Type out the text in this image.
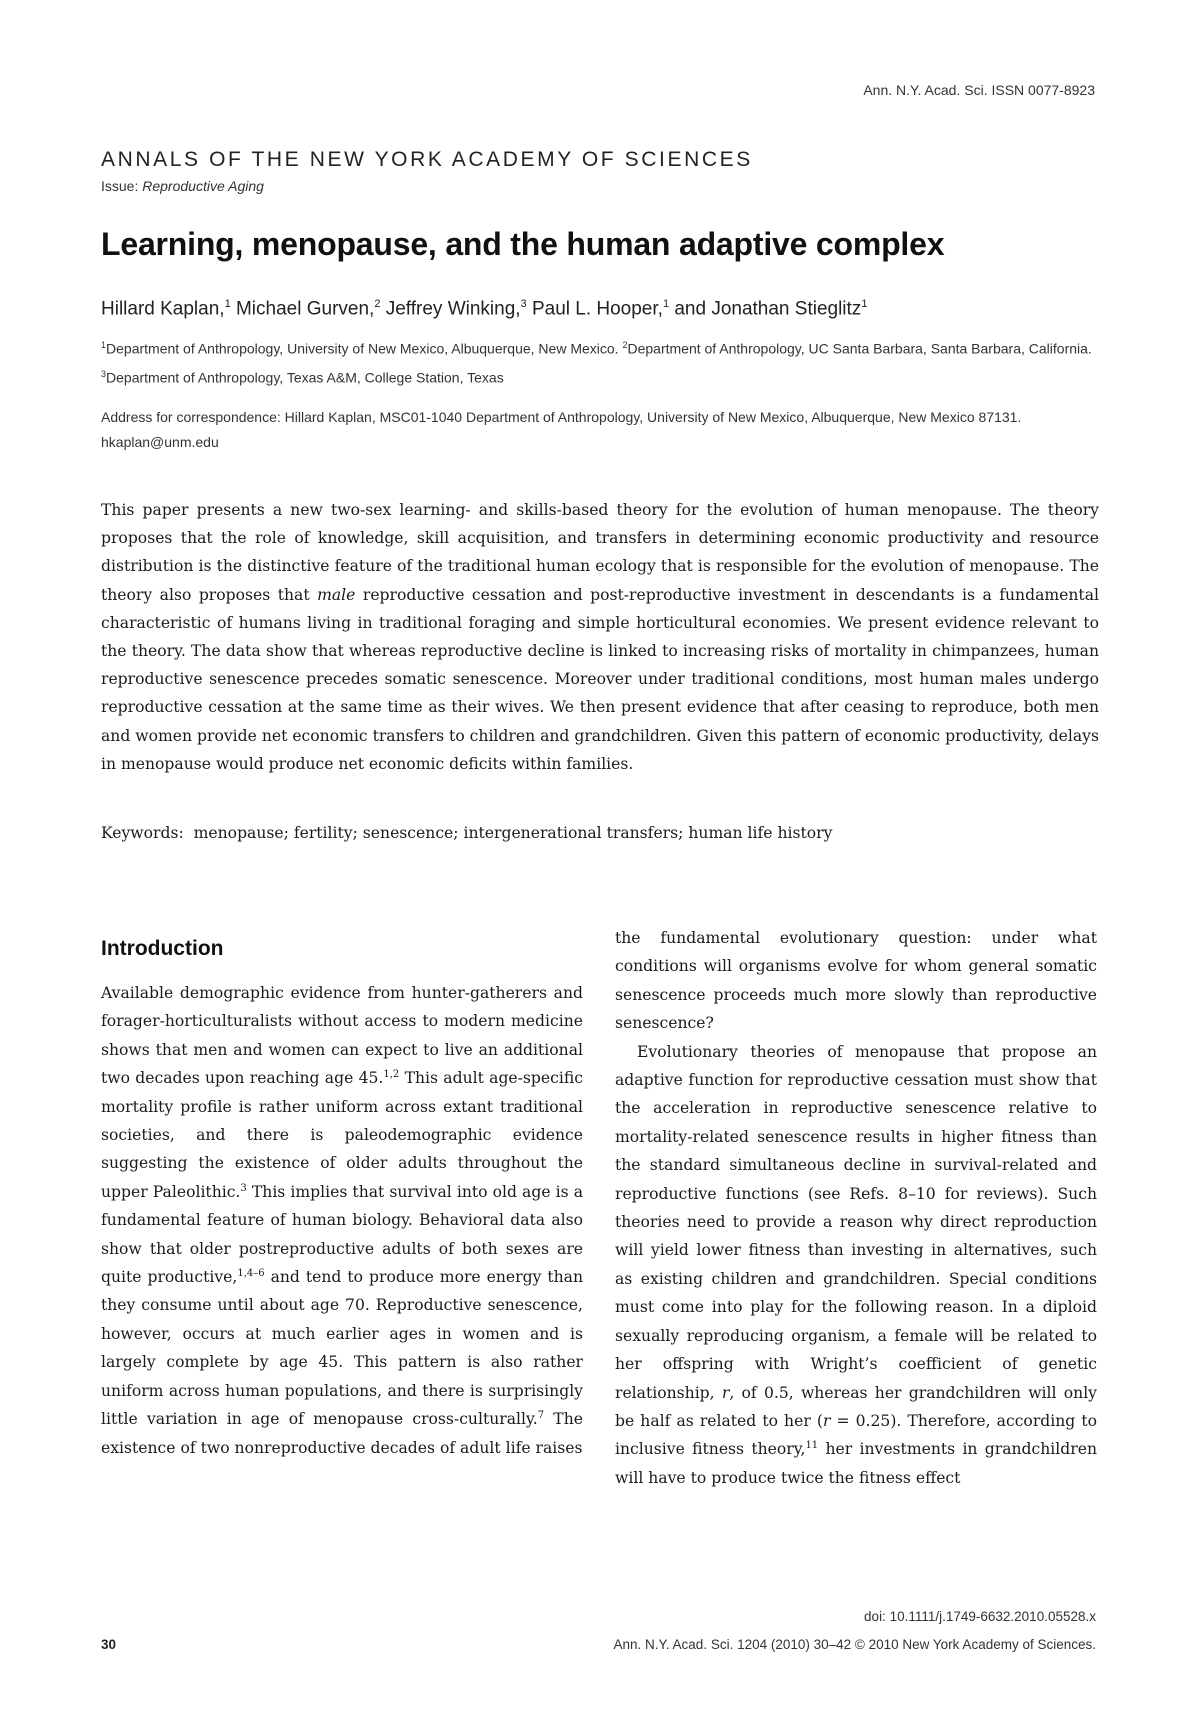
Ann. N.Y. Acad. Sci. ISSN 0077-8923
ANNALS OF THE NEW YORK ACADEMY OF SCIENCES
Issue: Reproductive Aging
Learning, menopause, and the human adaptive complex
Hillard Kaplan,$^1$ Michael Gurven,$^2$ Jeffrey Winking,$^3$ Paul L. Hooper,$^1$ and Jonathan Stieglitz$^1$
$^1$Department of Anthropology, University of New Mexico, Albuquerque, New Mexico. $^2$Department of Anthropology, UC Santa Barbara, Santa Barbara, California. $^3$Department of Anthropology, Texas A&M, College Station, Texas
Address for correspondence: Hillard Kaplan, MSC01-1040 Department of Anthropology, University of New Mexico, Albuquerque, New Mexico 87131. hkaplan@unm.edu
This paper presents a new two-sex learning- and skills-based theory for the evolution of human menopause. The theory proposes that the role of knowledge, skill acquisition, and transfers in determining economic productivity and resource distribution is the distinctive feature of the traditional human ecology that is responsible for the evolution of menopause. The theory also proposes that male reproductive cessation and post-reproductive investment in descendants is a fundamental characteristic of humans living in traditional foraging and simple horticultural economies. We present evidence relevant to the theory. The data show that whereas reproductive decline is linked to increasing risks of mortality in chimpanzees, human reproductive senescence precedes somatic senescence. Moreover under traditional conditions, most human males undergo reproductive cessation at the same time as their wives. We then present evidence that after ceasing to reproduce, both men and women provide net economic transfers to children and grandchildren. Given this pattern of economic productivity, delays in menopause would produce net economic deficits within families.
Keywords: menopause; fertility; senescence; intergenerational transfers; human life history
Introduction

Available demographic evidence from hunter-gatherers and forager-horticulturalists without access to modern medicine shows that men and women can expect to live an additional two decades upon reaching age 45.$^{1,2}$ This adult age-specific mortality profile is rather uniform across extant traditional societies, and there is paleodemographic evidence suggesting the existence of older adults throughout the upper Paleolithic.$^3$ This implies that survival into old age is a fundamental feature of human biology. Behavioral data also show that older postreproductive adults of both sexes are quite productive,$^{1,4-6}$ and tend to produce more energy than they consume until about age 70. Reproductive senescence, however, occurs at much earlier ages in women and is largely complete by age 45. This pattern is also rather uniform across human populations, and there is surprisingly little variation in age of menopause cross-culturally.$^7$ The existence of two nonreproductive decades of adult life raises

the fundamental evolutionary question: under what conditions will organisms evolve for whom general somatic senescence proceeds much more slowly than reproductive senescence?

Evolutionary theories of menopause that propose an adaptive function for reproductive cessation must show that the acceleration in reproductive senescence relative to mortality-related senescence results in higher fitness than the standard simultaneous decline in survival-related and reproductive functions (see Refs. 8–10 for reviews). Such theories need to provide a reason why direct reproduction will yield lower fitness than investing in alternatives, such as existing children and grandchildren. Special conditions must come into play for the following reason. In a diploid sexually reproducing organism, a female will be related to her offspring with Wright’s coefficient of genetic relationship, r, of 0.5, whereas her grandchildren will only be half as related to her (r = 0.25). Therefore, according to inclusive fitness theory,$^{11}$ her investments in grandchildren will have to produce twice the fitness effect

doi: 10.1111/j.1749-6632.2010.05528.x
30	Ann. N.Y. Acad. Sci. 1204 (2010) 30–42 © 2010 New York Academy of Sciences.
